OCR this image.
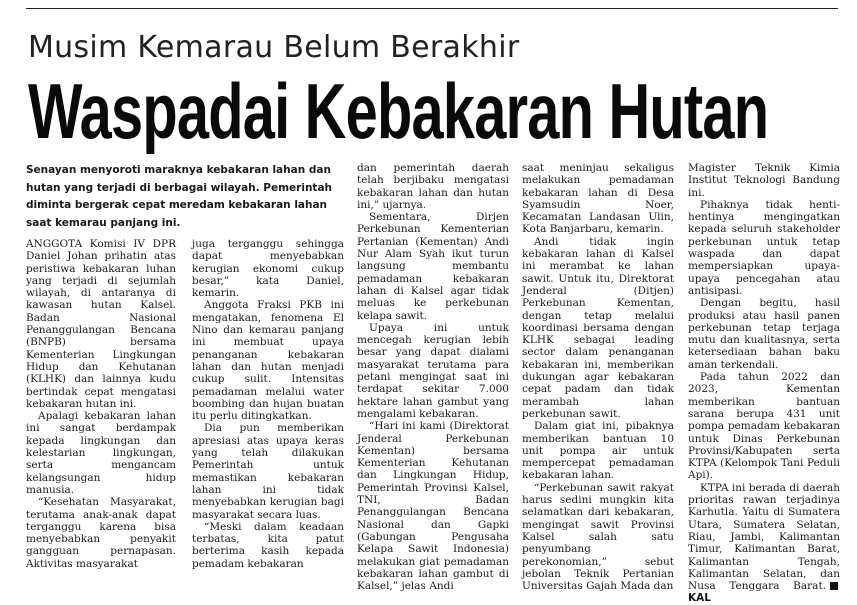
Musim Kemarau Belum Berakhir
Waspadai Kebakaran Hutan

Senayan menyoroti maraknya kebakaran lahan dan hutan yang terjadi di berbagai wilayah. Pemerintah diminta bergerak cepat meredam kebakaran lahan saat kemarau panjang ini.

ANGGOTA Komisi IV DPR Daniel Johan prihatin atas peristiwa kebakaran luhan yang terjadi di sejumlah wilayah, di antaranya di kawasan hutan Kalsel. Badan Nasional Penanggulangan Bencana (BNPB) bersama Kementerian Lingkungan Hidup dan Kehutanan (KLHK) dan lainnya kudu bertindak cepat mengatasi kebakaran hutan ini.

Apalagi kebakaran lahan ini sangat berdampak kepada lingkungan dan kelestarian lingkungan, serta mengancam kelangsungan hidup manusia.

“Kesehatan Masyarakat, terutama anak-anak dapat terganggu karena bisa menyebabkan penyakit gangguan pernapasan. Aktivitas masyarakat

juga terganggu sehingga dapat menyebabkan kerugian ekonomi cukup besar,” kata Daniel, kemarin.

Anggota Fraksi PKB ini mengatakan, fenomena El Nino dan kemarau panjang ini membuat upaya penanganan kebakaran lahan dan hutan menjadi cukup sulit. Intensitas pemadaman melalui water boombing dan hujan buatan itu perlu ditingkatkan.

Dia pun memberikan apresiasi atas upaya keras yang telah dilakukan Pemerintah untuk memastikan kebakaran lahan ini tidak menyebabkan kerugian bagi masyarakat secara luas.

“Meski dalam keadaan terbatas, kita patut berterima kasih kepada pemadam kebakaran

dan pemerintah daerah telah berjibaku mengatasi kebakaran lahan dan hutan ini,” ujarnya.

Sementara, Dirjen Perkebunan Kementerian Pertanian (Kementan) Andi Nur Alam Syah ikut turun langsung membantu pemadaman kebakaran lahan di Kalsel agar tidak meluas ke perkebunan kelapa sawit.

Upaya ini untuk mencegah kerugian lebih besar yang dapat dialami masyarakat terutama para petani mengingat saat ini terdapat sekitar 7.000 hektare lahan gambut yang mengalami kebakaran.

“Hari ini kami (Direktorat Jenderal Perkebunan Kementan) bersama Kementerian Kehutanan dan Lingkungan Hidup, Pemerintah Provinsi Kalsel, TNI, Badan Penanggulangan Bencana Nasional dan Gapki (Gabungan Pengusaha Kelapa Sawit Indonesia) melakukan giat pemadaman kebakaran lahan gambut di Kalsel,” jelas Andi

saat meninjau sekaligus melakukan pemadaman kebakaran lahan di Desa Syamsudin Noer, Kecamatan Landasan Ulin, Kota Banjarbaru, kemarin.

Andi tidak ingin kebakaran lahan di Kalsel ini merambat ke lahan sawit. Untuk itu, Direktorat Jenderal (Ditjen) Perkebunan Kementan, dengan tetap melalui koordinasi bersama dengan KLHK sebagai leading sector dalam penanganan kebakaran ini, memberikan dukungan agar kebakaran cepat padam dan tidak merambah lahan perkebunan sawit.

Dalam giat ini, pibaknya memberikan bantuan 10 unit pompa air untuk mempercepat pemadaman kebakaran lahan.

“Perkebunan sawit rakyat harus sedini mungkin kita selamatkan dari kebakaran, mengingat sawit Provinsi Kalsel salah satu penyumbang perekonomian,” sebut jebolan Teknik Pertanian Universitas Gajah Mada dan

Magister Teknik Kimia Institut Teknologi Bandung ini.

Pihaknya tidak henti-hentinya mengingatkan kepada seluruh stakeholder perkebunan untuk tetap waspada dan dapat mempersiapkan upaya-upaya pencegahan atau antisipasi.

Dengan begitu, hasil produksi atau hasil panen perkebunan tetap terjaga mutu dan kualitasnya, serta ketersediaan bahan baku aman terkendali.

Pada tahun 2022 dan 2023, Kementan memberikan bantuan sarana berupa 431 unit pompa pemadam kebakaran untuk Dinas Perkebunan Provinsi/Kabupaten serta KTPA (Kelompok Tani Peduli Api).

KTPA ini berada di daerah prioritas rawan terjadinya Karhutla. Yaitu di Sumatera Utara, Sumatera Selatan, Riau, Jambi, Kalimantan Timur, Kalimantan Barat, Kalimantan Tengah, Kalimantan Selatan, dan Nusa Tenggara Barat.KAL
